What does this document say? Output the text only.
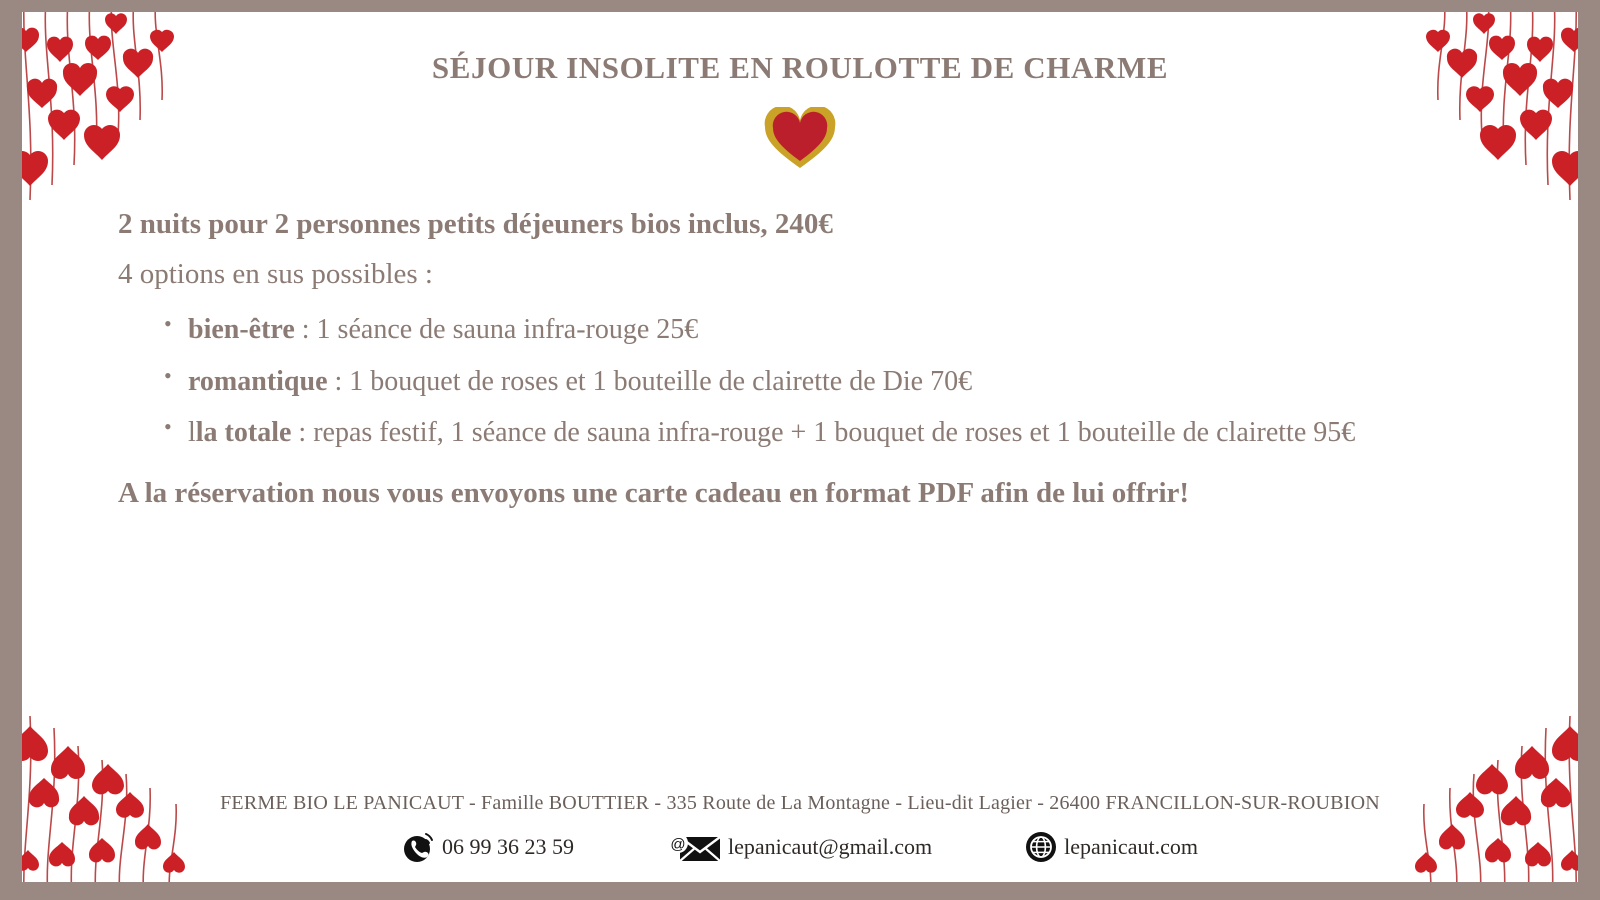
SÉJOUR INSOLITE EN ROULOTTE DE CHARME
2 nuits pour 2 personnes petits déjeuners bios inclus, 240€
4 options en sus possibles :
• bien-être : 1 séance de sauna infra-rouge 25€
• romantique : 1 bouquet de roses et 1 bouteille de clairette de Die 70€
• lla totale : repas festif, 1 séance de sauna infra-rouge + 1 bouquet de roses et 1 bouteille de clairette 95€
A la réservation nous vous envoyons une carte cadeau en format PDF afin de lui offrir!
FERME BIO LE PANICAUT - Famille BOUTTIER - 335 Route de La Montagne - Lieu-dit Lagier - 26400 FRANCILLON-SUR-ROUBION
06 99 36 23 59	@ lepanicaut@gmail.com	lepanicaut.com
